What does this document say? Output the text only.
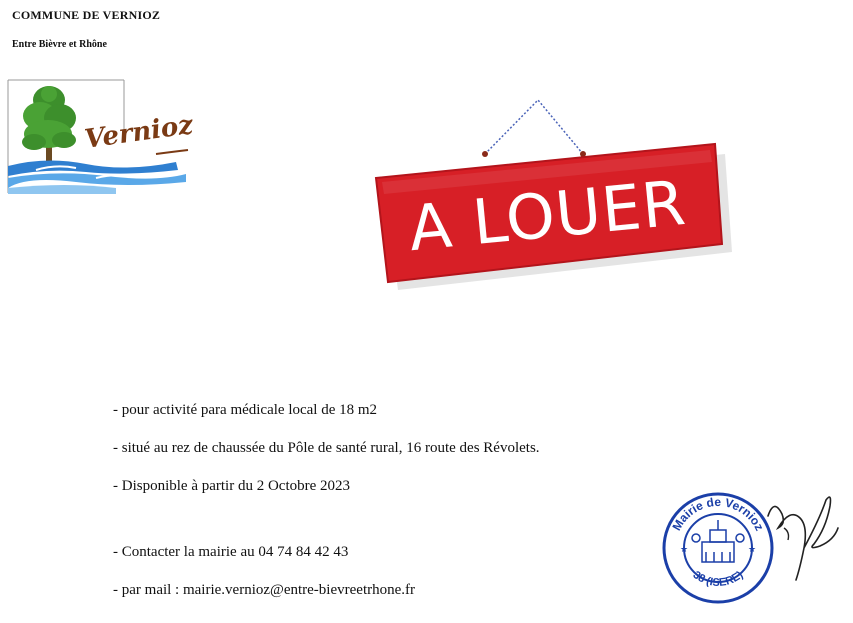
COMMUNE DE VERNIOZ
Entre Bièvre et Rhône
Vernioz
A LOUER
- pour activité para médicale local de 18 m2
- situé au rez de chaussée du Pôle de santé rural, 16 route des Révolets.
- Disponible à partir du 2 Octobre 2023
- Contacter la mairie au 04 74 84 42 43
- par mail : mairie.vernioz@entre-bievreetrhone.fr
Mairie de Vernioz
38 (ISERE)
★	★
